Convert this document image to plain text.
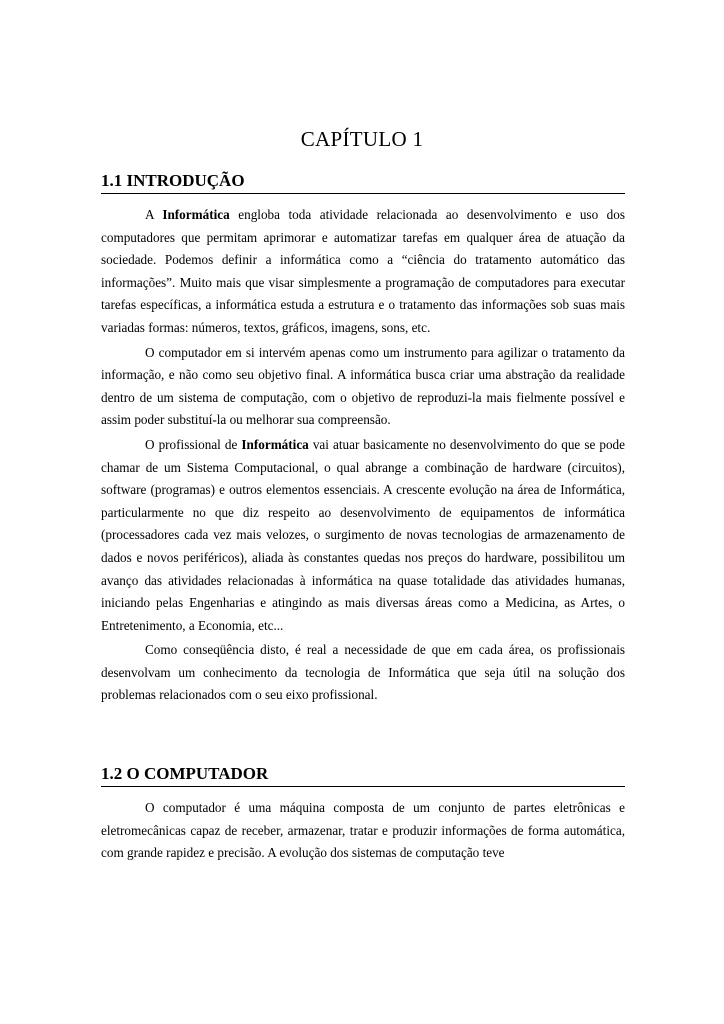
CAPÍTULO 1
1.1 INTRODUÇÃO

A Informática engloba toda atividade relacionada ao desenvolvimento e uso dos computadores que permitam aprimorar e automatizar tarefas em qualquer área de atuação da sociedade. Podemos definir a informática como a “ciência do tratamento automático das informações”. Muito mais que visar simplesmente a programação de computadores para executar tarefas específicas, a informática estuda a estrutura e o tratamento das informações sob suas mais variadas formas: números, textos, gráficos, imagens, sons, etc.

O computador em si intervém apenas como um instrumento para agilizar o tratamento da informação, e não como seu objetivo final. A informática busca criar uma abstração da realidade dentro de um sistema de computação, com o objetivo de reproduzi-la mais fielmente possível e assim poder substituí-la ou melhorar sua compreensão.

O profissional de Informática vai atuar basicamente no desenvolvimento do que se pode chamar de um Sistema Computacional, o qual abrange a combinação de hardware (circuitos), software (programas) e outros elementos essenciais. A crescente evolução na área de Informática, particularmente no que diz respeito ao desenvolvimento de equipamentos de informática (processadores cada vez mais velozes, o surgimento de novas tecnologias de armazenamento de dados e novos periféricos), aliada às constantes quedas nos preços do hardware, possibilitou um avanço das atividades relacionadas à informática na quase totalidade das atividades humanas, iniciando pelas Engenharias e atingindo as mais diversas áreas como a Medicina, as Artes, o Entretenimento, a Economia, etc...

Como conseqüência disto, é real a necessidade de que em cada área, os profissionais desenvolvam um conhecimento da tecnologia de Informática que seja útil na solução dos problemas relacionados com o seu eixo profissional.

1.2 O COMPUTADOR

O computador é uma máquina composta de um conjunto de partes eletrônicas e eletromecânicas capaz de receber, armazenar, tratar e produzir informações de forma automática, com grande rapidez e precisão. A evolução dos sistemas de computação teve
